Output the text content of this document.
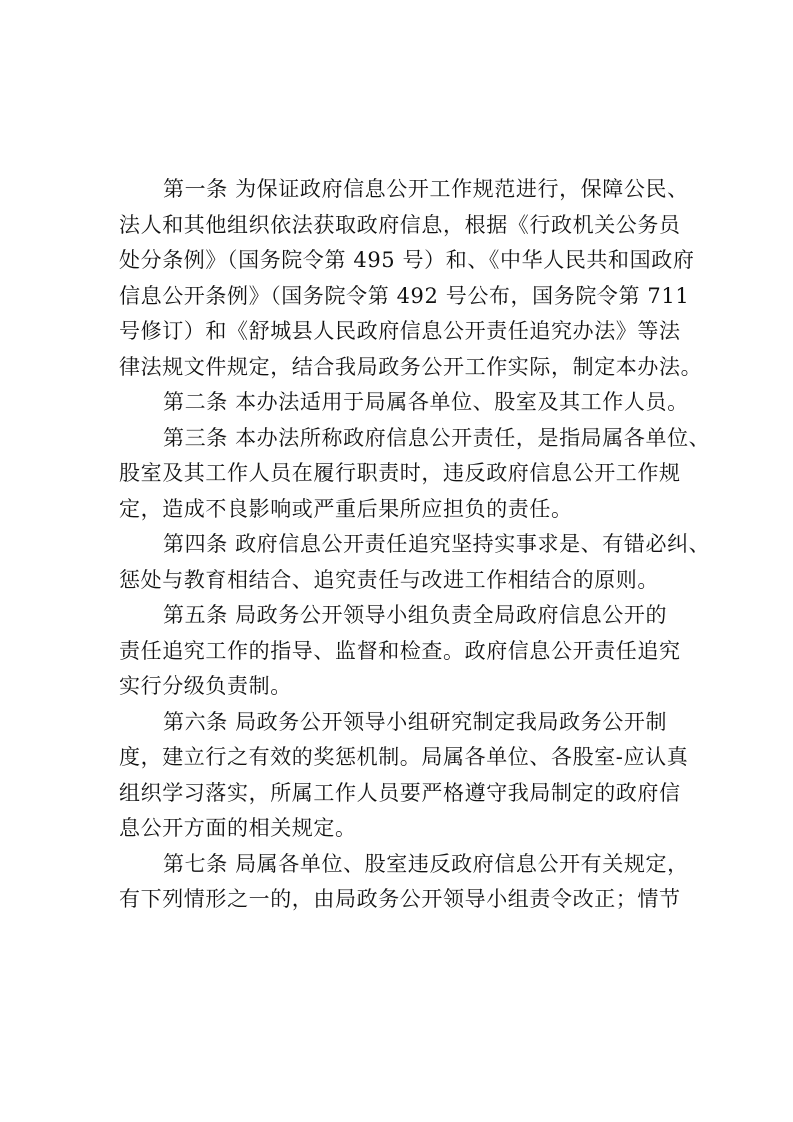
第一条 为保证政府信息公开工作规范进行，保障公民、
法人和其他组织依法获取政府信息，根据《行政机关公务员
处分条例》（国务院令第 495 号）和、《中华人民共和国政府
信息公开条例》（国务院令第 492 号公布，国务院令第 711
号修订）和《舒城县人民政府信息公开责任追究办法》等法
律法规文件规定，结合我局政务公开工作实际，制定本办法。
第二条 本办法适用于局属各单位、股室及其工作人员。
第三条 本办法所称政府信息公开责任，是指局属各单位、
股室及其工作人员在履行职责时，违反政府信息公开工作规
定，造成不良影响或严重后果所应担负的责任。
第四条 政府信息公开责任追究坚持实事求是、有错必纠、
惩处与教育相结合、追究责任与改进工作相结合的原则。
第五条 局政务公开领导小组负责全局政府信息公开的
责任追究工作的指导、监督和检查。政府信息公开责任追究
实行分级负责制。
第六条 局政务公开领导小组研究制定我局政务公开制
度，建立行之有效的奖惩机制。局属各单位、各股室-应认真
组织学习落实，所属工作人员要严格遵守我局制定的政府信
息公开方面的相关规定。
第七条 局属各单位、股室违反政府信息公开有关规定，
有下列情形之一的，由局政务公开领导小组责令改正；情节
